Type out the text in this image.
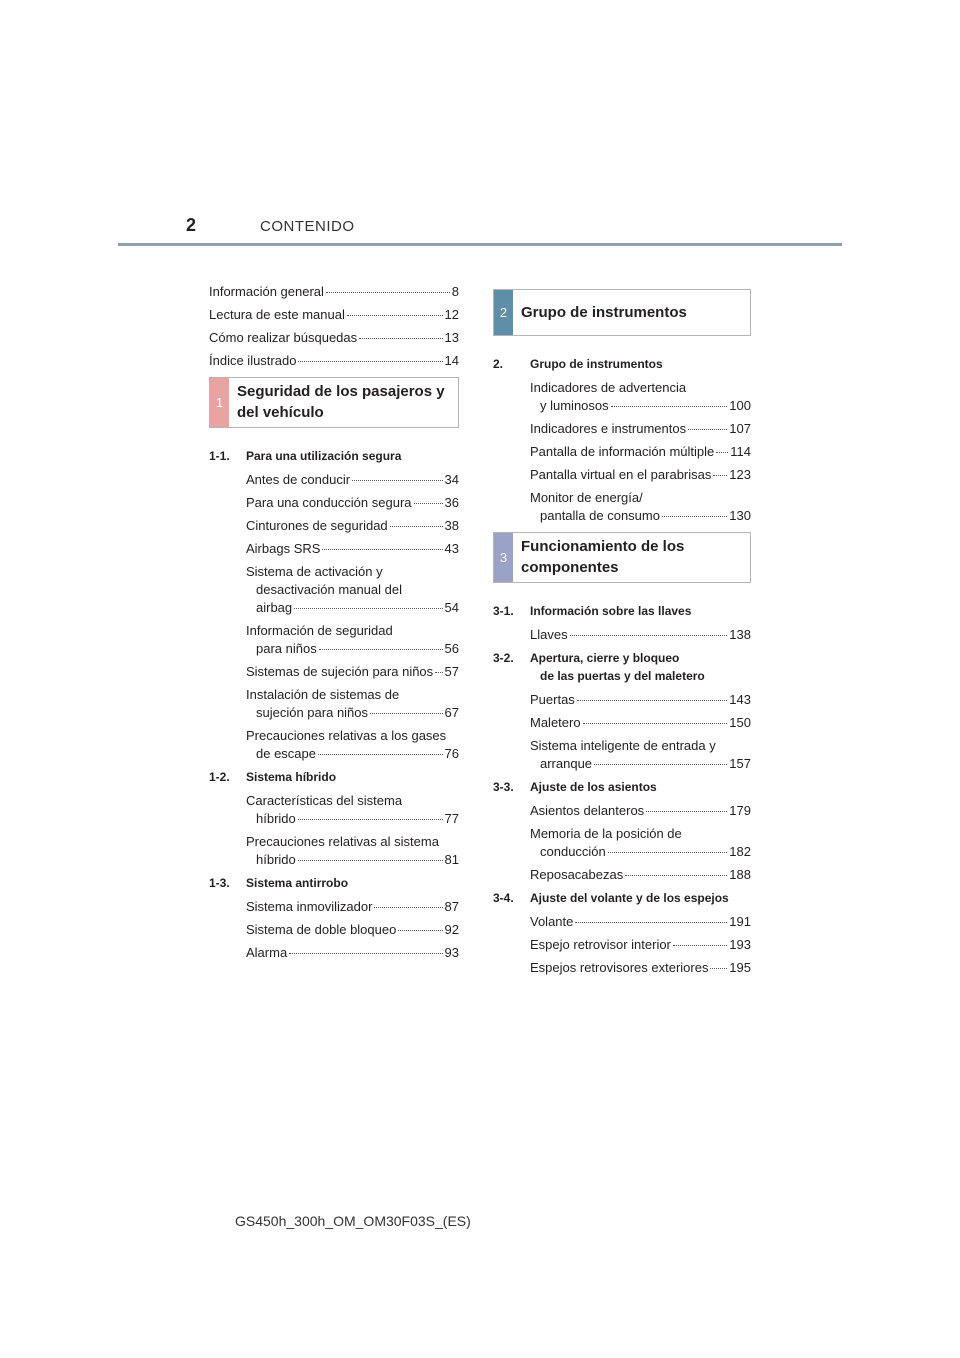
2	CONTENIDO
Información general	8
Lectura de este manual	12
Cómo realizar búsquedas	13
Índice ilustrado	14
1
Seguridad de los pasajeros y del vehículo
1-1.	Para una utilización segura
Antes de conducir	34
Para una conducción segura	36
Cinturones de seguridad	38
Airbags SRS	43
Sistema de activación y
desactivación manual del
airbag	54
Información de seguridad
para niños	56
Sistemas de sujeción para niños 57
Instalación de sistemas de
sujeción para niños	67
Precauciones relativas a los gases
de escape	76
1-2.	Sistema híbrido
Características del sistema
híbrido	77
Precauciones relativas al sistema
híbrido	81
1-3.	Sistema antirrobo
Sistema inmovilizador	87
Sistema de doble bloqueo	92
Alarma	93
2 Grupo de instrumentos
2.	Grupo de instrumentos
Indicadores de advertencia
y luminosos	100
Indicadores e instrumentos	107
Pantalla de información múltiple 114
Pantalla virtual en el parabrisas 123
Monitor de energía/
pantalla de consumo	130
3
Funcionamiento de los componentes
3-1.	Información sobre las llaves
Llaves	138
3-2.	Apertura, cierre y bloqueo
de las puertas y del maletero
Puertas	143
Maletero	150
Sistema inteligente de entrada y
arranque	157
3-3.	Ajuste de los asientos
Asientos delanteros	179
Memoria de la posición de
conducción	182
Reposacabezas	188
3-4.	Ajuste del volante y de los espejos
Volante	191
Espejo retrovisor interior	193
Espejos retrovisores exteriores 195
GS450h_300h_OM_OM30F03S_(ES)
